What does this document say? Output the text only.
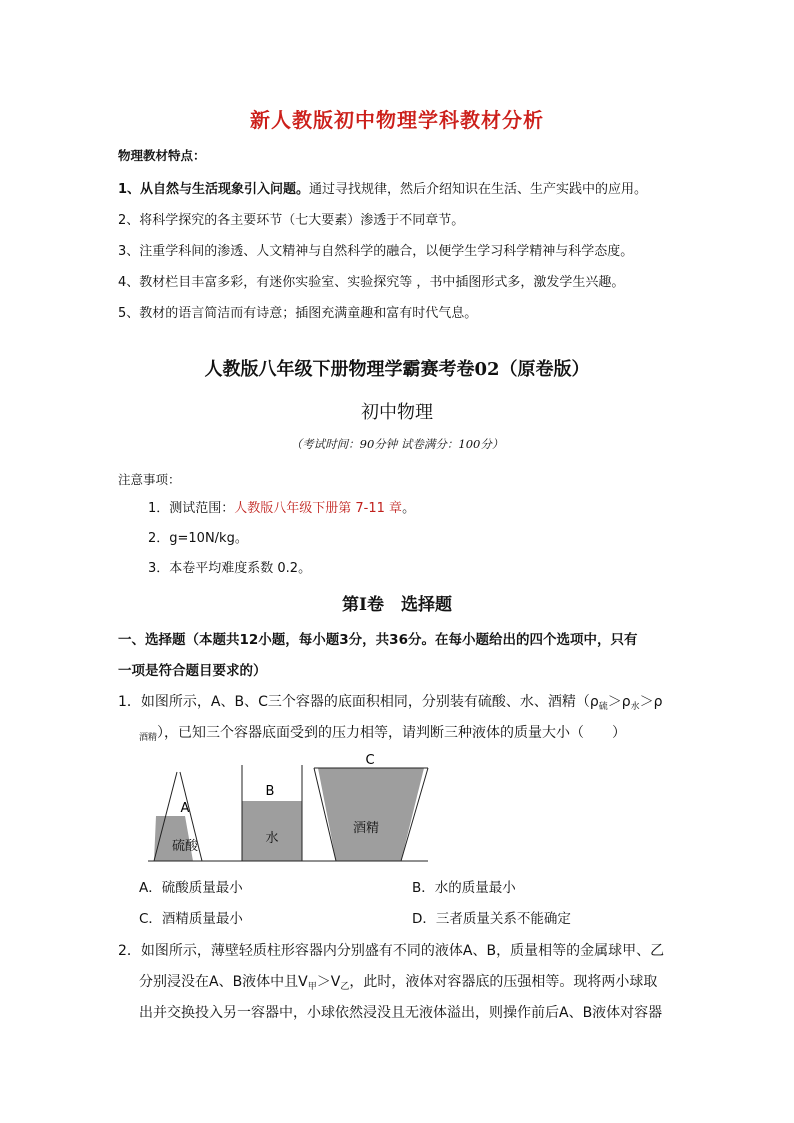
新人教版初中物理学科教材分析
物理教材特点：
1、从自然与生活现象引入问题。通过寻找规律，然后介绍知识在生活、生产实践中的应用。
2、将科学探究的各主要环节（七大要素）渗透于不同章节。
3、注重学科间的渗透、人文精神与自然科学的融合，以便学生学习科学精神与科学态度。
4、教材栏目丰富多彩，有迷你实验室、实验探究等 ，书中插图形式多，激发学生兴趣。
5、教材的语言简洁而有诗意；插图充满童趣和富有时代气息。
人教版八年级下册物理学霸赛考卷02（原卷版）
初中物理
（考试时间：90分钟 试卷满分：100分）
注意事项：
1．测试范围：人教版八年级下册第 7-11 章。
2．g=10N/kg。
3．本卷平均难度系数 0.2。
第Ⅰ卷　选择题
一、选择题（本题共12小题，每小题3分，共36分。在每小题给出的四个选项中，只有
一项是符合题目要求的）
1．如图所示，A、B、C三个容器的底面积相同，分别装有硫酸、水、酒精（$\rho_硫>\rho_水>\rho$
$_{酒精}$），已知三个容器底面受到的压力相等，请判断三种液体的质量大小（　　）
A
B
C
硫酸
水
酒精
A．硫酸质量最小	B．水的质量最小
C．酒精质量最小	D．三者质量关系不能确定
2．如图所示，薄壁轻质柱形容器内分别盛有不同的液体A、B，质量相等的金属球甲、乙
分别浸没在A、B液体中且$V_甲>V_乙$，此时，液体对容器底的压强相等。现将两小球取
出并交换投入另一容器中，小球依然浸没且无液体溢出，则操作前后A、B液体对容器
